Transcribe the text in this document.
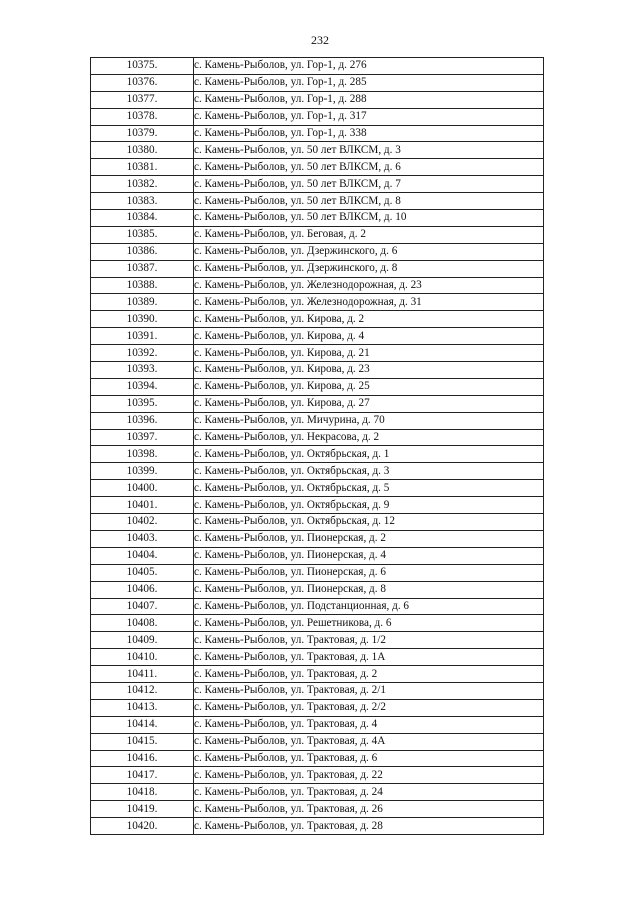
232
10375.	с. Камень-Рыболов, ул. Гор-1, д. 276
10376.	с. Камень-Рыболов, ул. Гор-1, д. 285
10377.	с. Камень-Рыболов, ул. Гор-1, д. 288
10378.	с. Камень-Рыболов, ул. Гор-1, д. 317
10379.	с. Камень-Рыболов, ул. Гор-1, д. 338
10380.	с. Камень-Рыболов, ул. 50 лет ВЛКСМ, д. 3
10381.	с. Камень-Рыболов, ул. 50 лет ВЛКСМ, д. 6
10382.	с. Камень-Рыболов, ул. 50 лет ВЛКСМ, д. 7
10383.	с. Камень-Рыболов, ул. 50 лет ВЛКСМ, д. 8
10384.	с. Камень-Рыболов, ул. 50 лет ВЛКСМ, д. 10
10385.	с. Камень-Рыболов, ул. Беговая, д. 2
10386.	с. Камень-Рыболов, ул. Дзержинского, д. 6
10387.	с. Камень-Рыболов, ул. Дзержинского, д. 8
10388.	с. Камень-Рыболов, ул. Железнодорожная, д. 23
10389.	с. Камень-Рыболов, ул. Железнодорожная, д. 31
10390.	с. Камень-Рыболов, ул. Кирова, д. 2
10391.	с. Камень-Рыболов, ул. Кирова, д. 4
10392.	с. Камень-Рыболов, ул. Кирова, д. 21
10393.	с. Камень-Рыболов, ул. Кирова, д. 23
10394.	с. Камень-Рыболов, ул. Кирова, д. 25
10395.	с. Камень-Рыболов, ул. Кирова, д. 27
10396.	с. Камень-Рыболов, ул. Мичурина, д. 70
10397.	с. Камень-Рыболов, ул. Некрасова, д. 2
10398.	с. Камень-Рыболов, ул. Октябрьская, д. 1
10399.	с. Камень-Рыболов, ул. Октябрьская, д. 3
10400.	с. Камень-Рыболов, ул. Октябрьская, д. 5
10401.	с. Камень-Рыболов, ул. Октябрьская, д. 9
10402.	с. Камень-Рыболов, ул. Октябрьская, д. 12
10403.	с. Камень-Рыболов, ул. Пионерская, д. 2
10404.	с. Камень-Рыболов, ул. Пионерская, д. 4
10405.	с. Камень-Рыболов, ул. Пионерская, д. 6
10406.	с. Камень-Рыболов, ул. Пионерская, д. 8
10407.	с. Камень-Рыболов, ул. Подстанционная, д. 6
10408.	с. Камень-Рыболов, ул. Решетникова, д. 6
10409.	с. Камень-Рыболов, ул. Трактовая, д. 1/2
10410.	с. Камень-Рыболов, ул. Трактовая, д. 1А
10411.	с. Камень-Рыболов, ул. Трактовая, д. 2
10412.	с. Камень-Рыболов, ул. Трактовая, д. 2/1
10413.	с. Камень-Рыболов, ул. Трактовая, д. 2/2
10414.	с. Камень-Рыболов, ул. Трактовая, д. 4
10415.	с. Камень-Рыболов, ул. Трактовая, д. 4А
10416.	с. Камень-Рыболов, ул. Трактовая, д. 6
10417.	с. Камень-Рыболов, ул. Трактовая, д. 22
10418.	с. Камень-Рыболов, ул. Трактовая, д. 24
10419.	с. Камень-Рыболов, ул. Трактовая, д. 26
10420.	с. Камень-Рыболов, ул. Трактовая, д. 28
